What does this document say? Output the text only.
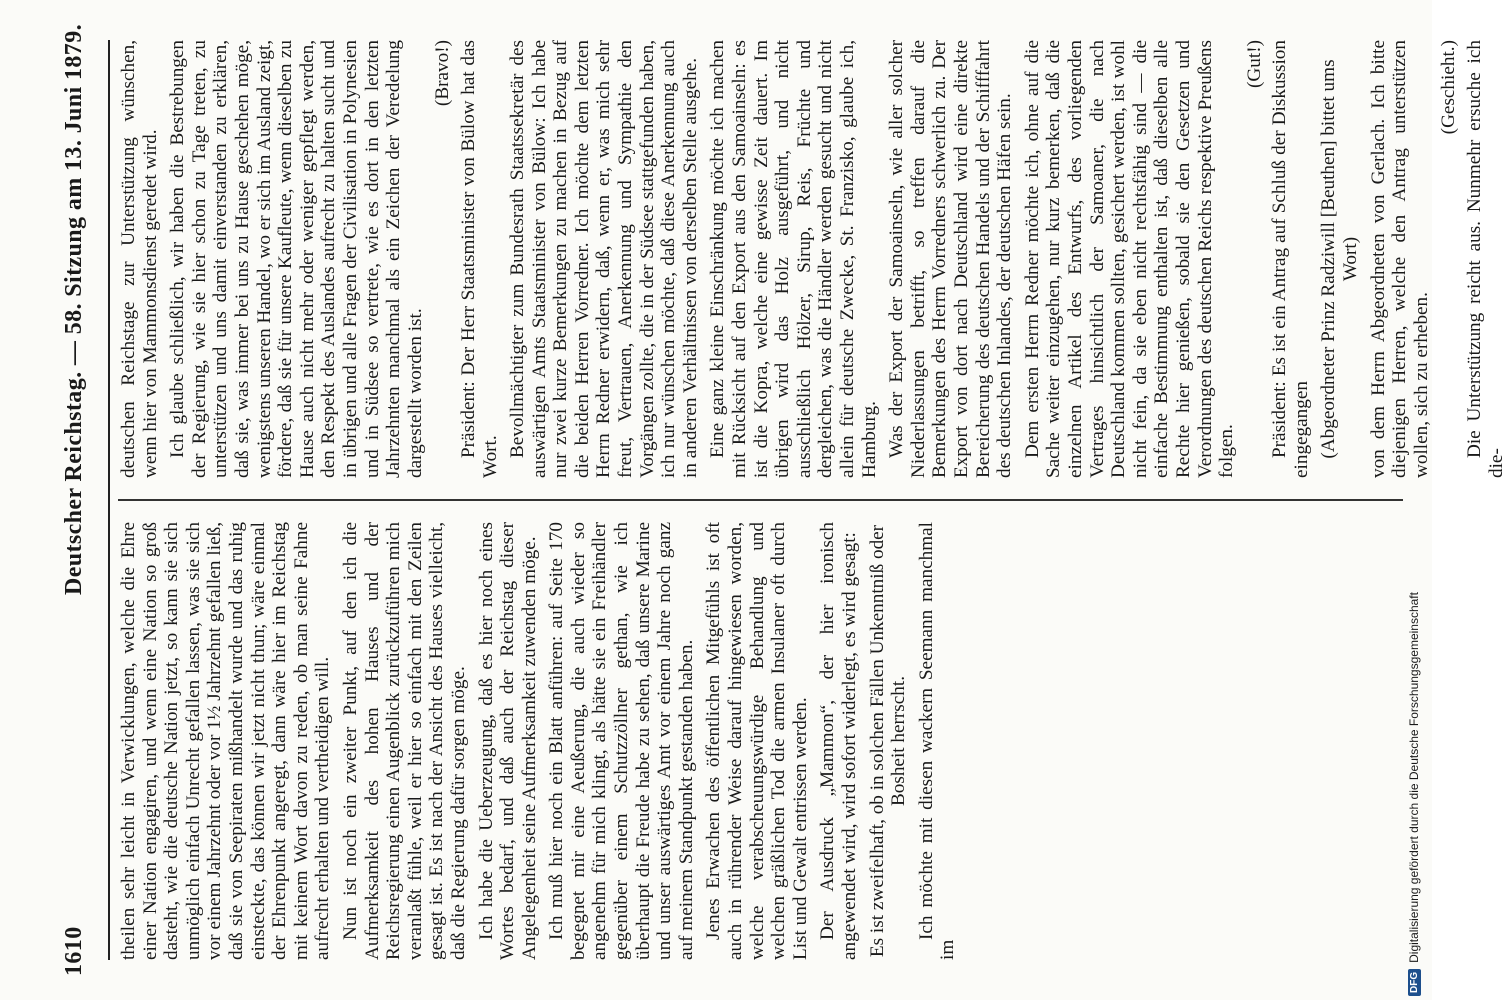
DFG
Digitalisierung gefördert durch die Deutsche Forschungsgemeinschaft

theilen sehr leicht in Verwicklungen, welche die Ehre einer Nation engagiren, und wenn eine Nation so groß dasteht, wie die deutsche Nation jetzt, so kann sie sich unmöglich einfach Unrecht gefallen lassen, was sie sich vor einem Jahrzehnt oder vor 1½ Jahrzehnt gefallen ließ, daß sie von Seepiraten mißhandelt wurde und das ruhig einsteckte, das können wir jetzt nicht thun; wäre einmal der Ehrenpunkt angeregt, dann wäre hier im Reichstag mit keinem Wort davon zu reden, ob man seine Fahne aufrecht erhalten und vertheidigen will. Nun ist noch ein zweiter Punkt, auf den ich die Aufmerksamkeit des hohen Hauses und der Reichsregierung einen Augenblick zurückzuführen mich veranlaßt fühle, weil er hier so einfach mit den Zeilen gesagt ist. Es ist nach der Ansicht des Hauses vielleicht, daß die Regierung dafür sorgen möge. Ich habe die Ueberzeugung, daß es hier noch eines Wortes bedarf, und daß auch der Reichstag dieser Angelegenheit seine Aufmerksamkeit zuwenden möge. Ich muß hier noch ein Blatt anführen: auf Seite 170 begegnet mir eine Aeußerung, die auch wieder so angenehm für mich klingt, als hätte sie ein Freihändler gegenüber einem Schutzzöllner gethan, wie ich überhaupt die Freude habe zu sehen, daß unsere Marine und unser auswärtiges Amt vor einem Jahre noch ganz auf meinem Standpunkt gestanden haben. Jenes Erwachen des öffentlichen Mitgefühls ist oft auch in rührender Weise darauf hingewiesen worden, welche verabscheuungswürdige Behandlung und welchen gräßlichen Tod die armen Insulaner oft durch List und Gewalt entrissen werden. Der Ausdruck „Mammon“, der hier ironisch angewendet wird, wird sofort widerlegt, es wird gesagt: Es ist zweifelhaft, ob in solchen Fällen Unkenntniß oder Bosheit herrscht. Ich möchte mit diesen wackern Seemann manchmal im

deutschen Reichstage zur Unterstützung wünschen, wenn hier von Mammonsdienst geredet wird. Ich glaube schließlich, wir haben die Bestrebungen der Regierung, wie sie hier schon zu Tage treten, zu unterstützen und uns damit einverstanden zu erklären, daß sie, was immer bei uns zu Hause geschehen möge, wenigstens unseren Handel, wo er sich im Ausland zeigt, fördere, daß sie für unsere Kaufleute, wenn dieselben zu Hause auch nicht mehr oder weniger gepflegt werden, den Respekt des Auslandes aufrecht zu halten sucht und in übrigen und alle Fragen der Civilisation in Polynesien und in Südsee so vertrete, wie es dort in den letzten Jahrzehnten manchmal als ein Zeichen der Veredelung dargestellt worden ist.

(Bravo!) Präsident: Der Herr Staatsminister von Bülow hat das Wort. Bevollmächtigter zum Bundesrath Staatssekretär des auswärtigen Amts Staatsminister von Bülow: Ich habe nur zwei kurze Bemerkungen zu machen in Bezug auf die beiden Herren Vorredner. Ich möchte dem letzten Herrn Redner erwidern, daß, wenn er, was mich sehr freut, Vertrauen, Anerkennung und Sympathie den Vorgängen zollte, die in der Südsee stattgefunden haben, ich nur wünschen möchte, daß diese Anerkennung auch in anderen Verhältnissen von derselben Stelle ausgehe. Eine ganz kleine Einschränkung möchte ich machen mit Rücksicht auf den Export aus den Samoainseln: es ist die Kopra, welche eine gewisse Zeit dauert. Im übrigen wird das Holz ausgeführt, und nicht ausschließlich Hölzer, Sirup, Reis, Früchte und dergleichen, was die Händler werden gesucht und nicht allein für deutsche Zwecke, St. Franzisko, glaube ich, Hamburg. Was der Export der Samoainseln, wie aller solcher Niederlassungen betrifft, so treffen darauf die Bemerkungen des Herrn Vorredners schwerlich zu. Der Export von dort nach Deutschland wird eine direkte Bereicherung des deutschen Handels und der Schifffahrt des deutschen Inlandes, der deutschen Häfen sein. Dem ersten Herrn Redner möchte ich, ohne auf die Sache weiter einzugehen, nur kurz bemerken, daß die einzelnen Artikel des Entwurfs, des vorliegenden Vertrages hinsichtlich der Samoaner, die nach Deutschland kommen sollten, gesichert werden, ist wohl nicht fein, da sie eben nicht rechtsfähig sind — die einfache Bestimmung enthalten ist, daß dieselben alle Rechte hier genießen, sobald sie den Gesetzen und Verordnungen des deutschen Reichs respektive Preußens folgen.

(Gut!) Präsident: Es ist ein Antrag auf Schluß der Diskussion eingegangen (Abgeordneter Prinz Radziwill [Beuthen] bittet ums Wort) von dem Herrn Abgeordneten von Gerlach. Ich bitte diejenigen Herren, welche den Antrag unterstützen wollen, sich zu erheben.

(Geschieht.) Die Unterstützung reicht aus. Nunmehr ersuche ich die-

1610
Deutscher Reichstag. — 58. Sitzung am 13. Juni 1879.
